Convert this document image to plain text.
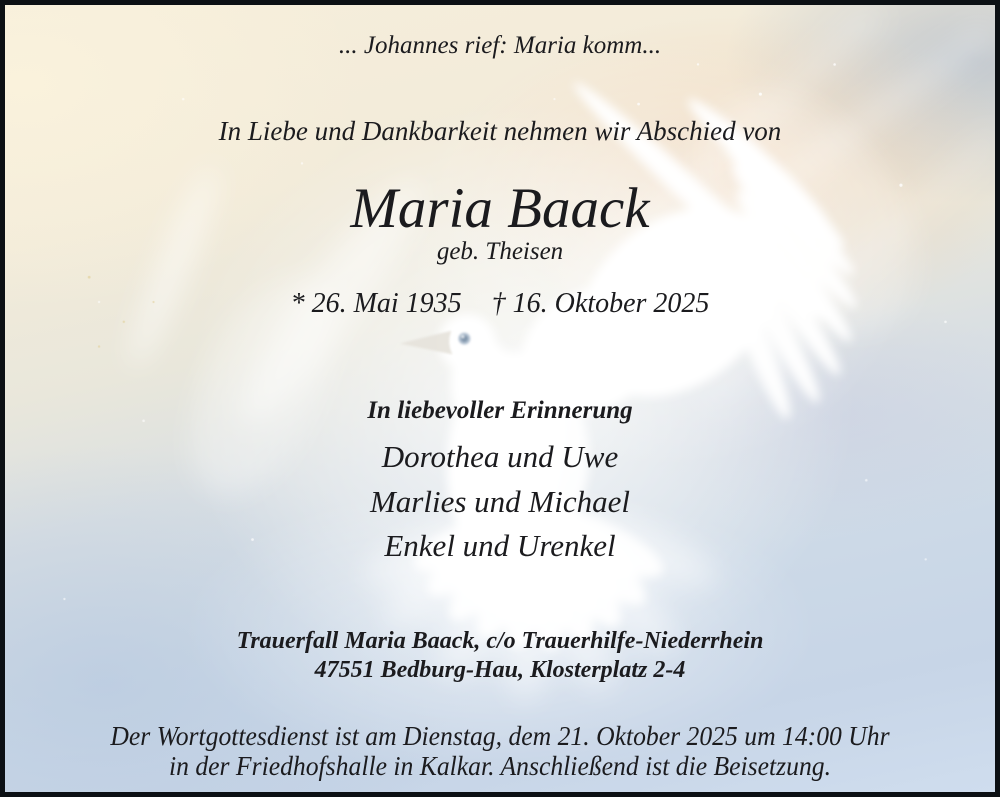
... Johannes rief: Maria komm...
In Liebe und Dankbarkeit nehmen wir Abschied von
Maria Baack
geb. Theisen
* 26. Mai 1935 † 16. Oktober 2025
In liebevoller Erinnerung
Dorothea und Uwe
Marlies und Michael
Enkel und Urenkel
Trauerfall Maria Baack, c/o Trauerhilfe-Niederrhein
47551 Bedburg-Hau, Klosterplatz 2-4
Der Wortgottesdienst ist am Dienstag, dem 21. Oktober 2025 um 14:00 Uhr
in der Friedhofshalle in Kalkar. Anschließend ist die Beisetzung.
